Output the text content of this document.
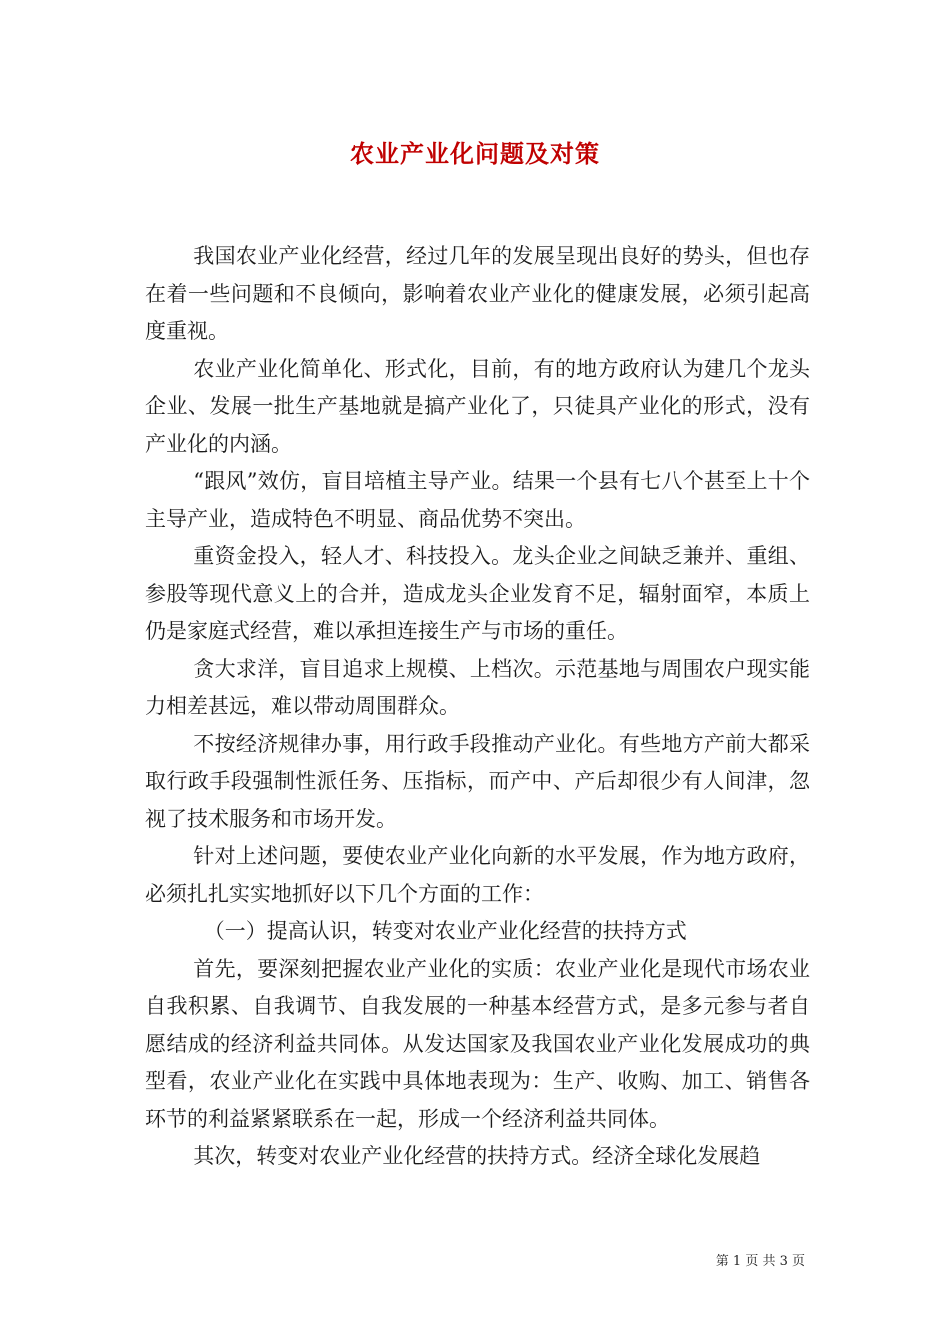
农业产业化问题及对策

我国农业产业化经营，经过几年的发展呈现出良好的势头，但也存在着一些问题和不良倾向，影响着农业产业化的健康发展，必须引起高度重视。

农业产业化简单化、形式化，目前，有的地方政府认为建几个龙头企业、发展一批生产基地就是搞产业化了，只徒具产业化的形式，没有产业化的内涵。

“跟风”效仿，盲目培植主导产业。结果一个县有七八个甚至上十个主导产业，造成特色不明显、商品优势不突出。

重资金投入，轻人才、科技投入。龙头企业之间缺乏兼并、重组、参股等现代意义上的合并，造成龙头企业发育不足，辐射面窄，本质上仍是家庭式经营，难以承担连接生产与市场的重任。

贪大求洋，盲目追求上规模、上档次。示范基地与周围农户现实能力相差甚远，难以带动周围群众。

不按经济规律办事，用行政手段推动产业化。有些地方产前大都采取行政手段强制性派任务、压指标，而产中、产后却很少有人间津，忽视了技术服务和市场开发。

针对上述问题，要使农业产业化向新的水平发展，作为地方政府，必须扎扎实实地抓好以下几个方面的工作：

（一）提高认识，转变对农业产业化经营的扶持方式

首先，要深刻把握农业产业化的实质：农业产业化是现代市场农业自我积累、自我调节、自我发展的一种基本经营方式，是多元参与者自愿结成的经济利益共同体。从发达国家及我国农业产业化发展成功的典型看，农业产业化在实践中具体地表现为：生产、收购、加工、销售各环节的利益紧紧联系在一起，形成一个经济利益共同体。

其次，转变对农业产业化经营的扶持方式。经济全球化发展趋

第 1 页 共 3 页
